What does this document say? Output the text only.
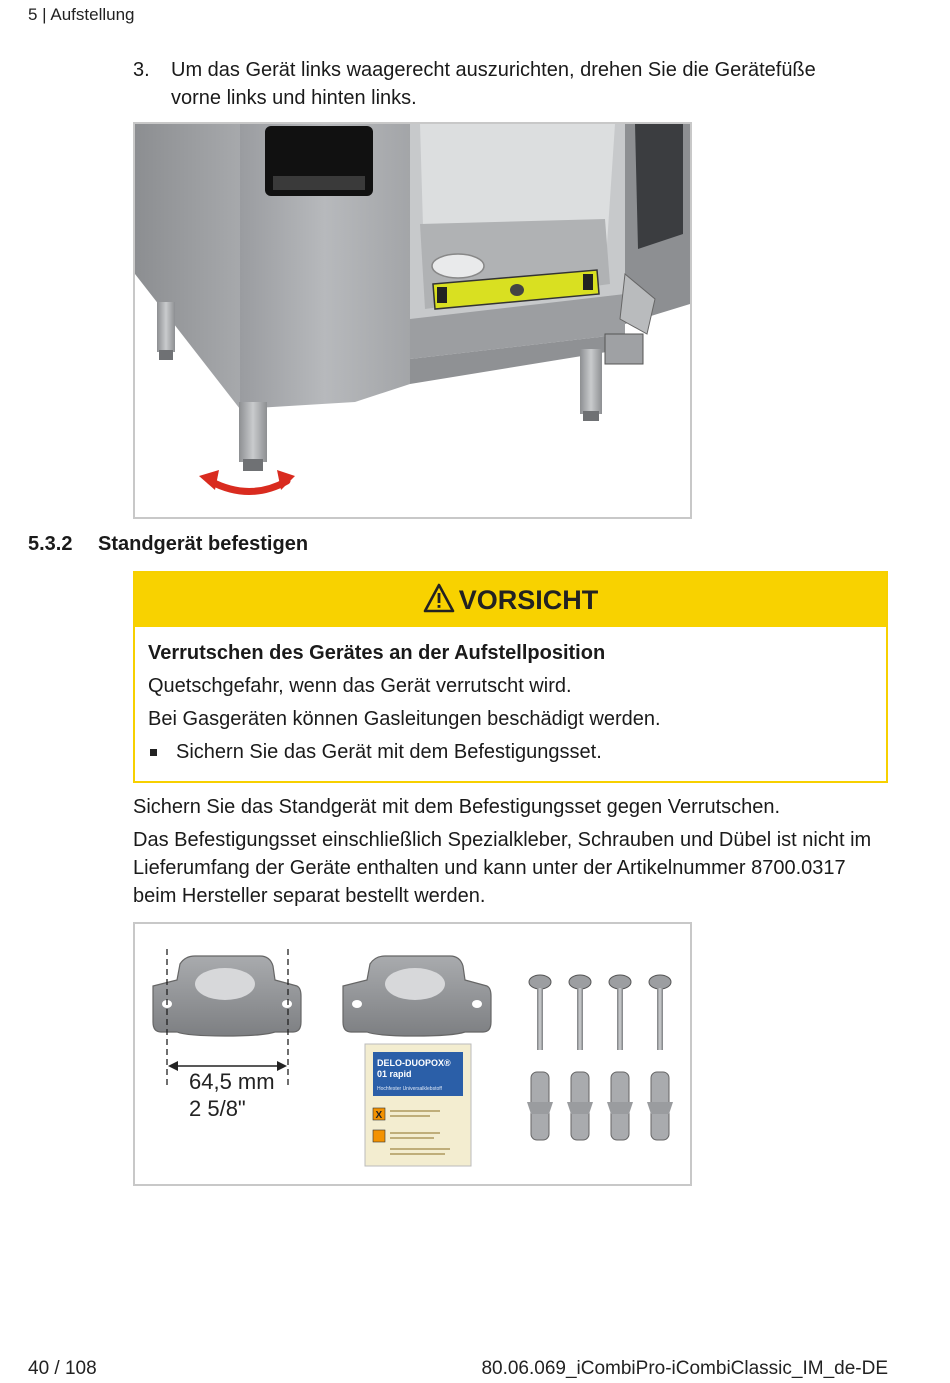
5 | Aufstellung
3. Um das Gerät links waagerecht auszurichten, drehen Sie die Gerätefüße vorne links und hinten links.
5.3.2 Standgerät befestigen
VORSICHT
Verrutschen des Gerätes an der Aufstellposition
Quetschgefahr, wenn das Gerät verrutscht wird.
Bei Gasgeräten können Gasleitungen beschädigt werden.
Sichern Sie das Gerät mit dem Befestigungsset.
Sichern Sie das Standgerät mit dem Befestigungsset gegen Verrutschen.
Das Befestigungsset einschließlich Spezialkleber, Schrauben und Dübel ist nicht im Lieferumfang der Geräte enthalten und kann unter der Artikelnummer 8700.0317 beim Hersteller separat bestellt werden.
64,5 mm
2 5/8"
DELO-DUOPOX®
01 rapid
Hochfester Universalklebstoff
X
40 / 108	80.06.069_iCombiPro-iCombiClassic_IM_de-DE
